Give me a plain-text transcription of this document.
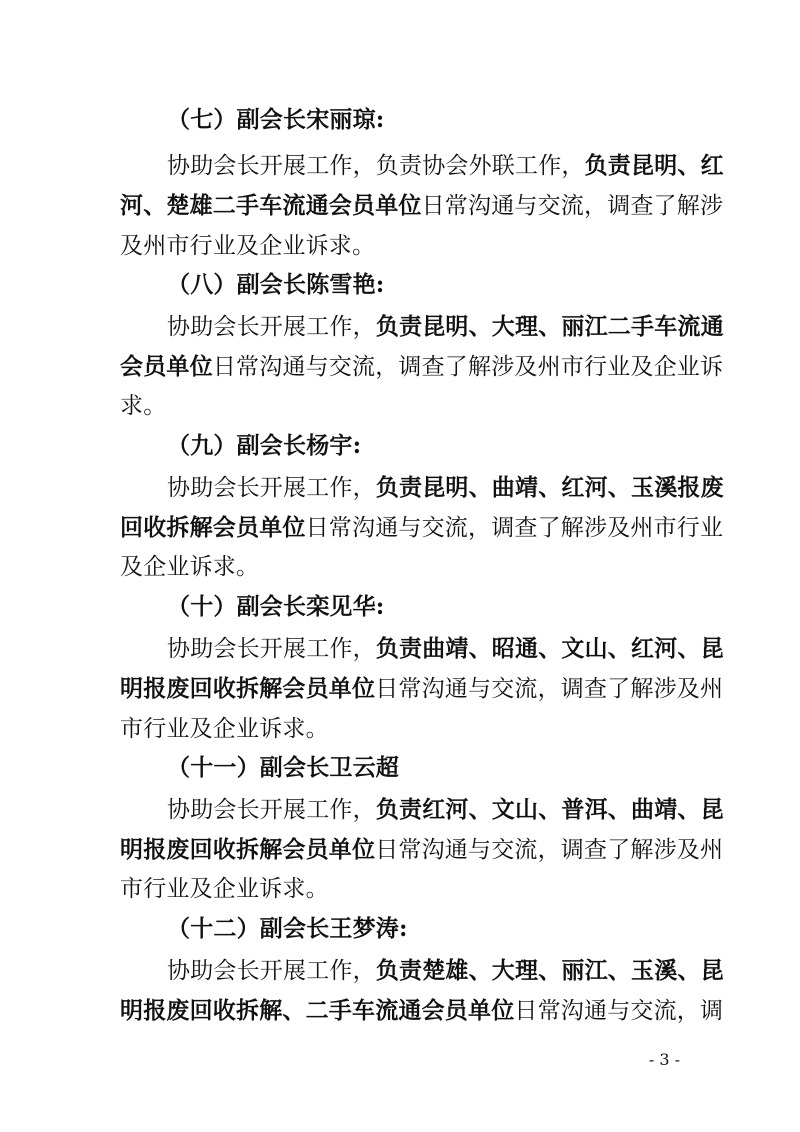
（七）副会长宋丽琼:
协助会长开展工作，负责协会外联工作，负责昆明、红
河、楚雄二手车流通会员单位日常沟通与交流，调查了解涉
及州市行业及企业诉求。
（八）副会长陈雪艳:
协助会长开展工作，负责昆明、大理、丽江二手车流通
会员单位日常沟通与交流，调查了解涉及州市行业及企业诉
求。
（九）副会长杨宇:
协助会长开展工作，负责昆明、曲靖、红河、玉溪报废
回收拆解会员单位日常沟通与交流，调查了解涉及州市行业
及企业诉求。
（十）副会长栾见华:
协助会长开展工作，负责曲靖、昭通、文山、红河、昆
明报废回收拆解会员单位日常沟通与交流，调查了解涉及州
市行业及企业诉求。
（十一）副会长卫云超
协助会长开展工作，负责红河、文山、普洱、曲靖、昆
明报废回收拆解会员单位日常沟通与交流，调查了解涉及州
市行业及企业诉求。
（十二）副会长王梦涛:
协助会长开展工作，负责楚雄、大理、丽江、玉溪、昆
明报废回收拆解、二手车流通会员单位日常沟通与交流，调
- 3 -
